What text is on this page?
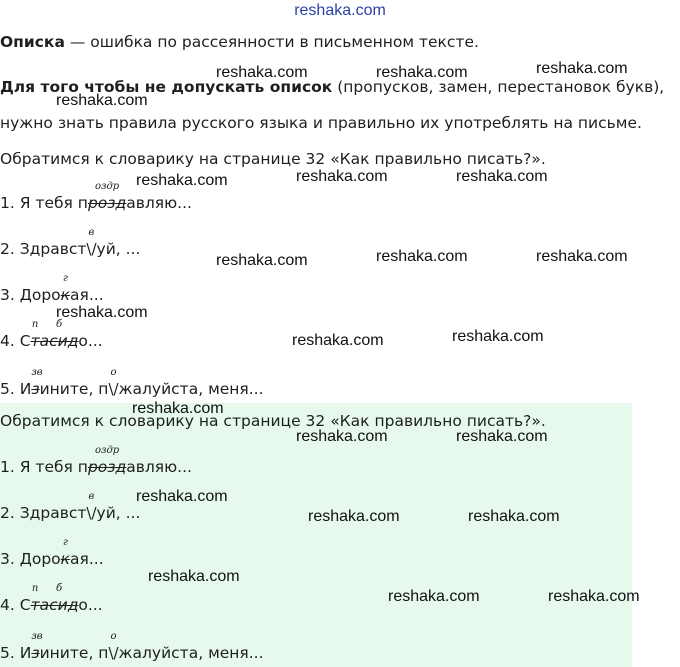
reshaka.com
Описка — ошибка по рассеянности в письменном тексте.
Для того чтобы не допускать описок (пропусков, замен, перестановок букв),
нужно знать правила русского языка и правильно их употреблять на письме.
Обратимся к словарику на странице 32 «Как правильно писать?».
1. Я тебя п
оздр
роздавляю...
2. Здравст
в
\/уй, ...
3. Доро
г
кая...
4. С
п
т
б
асидо...
5. И
зв
зините, п
о
\/жалуйста, меня...
Обратимся к словарику на странице 32 «Как правильно писать?».
1. Я тебя п
оздр
роздавляю...
2. Здравст
в
\/уй, ...
3. Доро
г
кая...
4. С
п
т
б
асидо...
5. И
зв
зините, п
о
\/жалуйста, меня...
reshaka.com	reshaka.com	reshaka.com
reshaka.com
reshaka.com	reshaka.com	reshaka.com
reshaka.com	reshaka.com	reshaka.com
reshaka.com
reshaka.com	reshaka.com
reshaka.com
reshaka.com	reshaka.com
reshaka.com
reshaka.com	reshaka.com
reshaka.com
reshaka.com	reshaka.com
